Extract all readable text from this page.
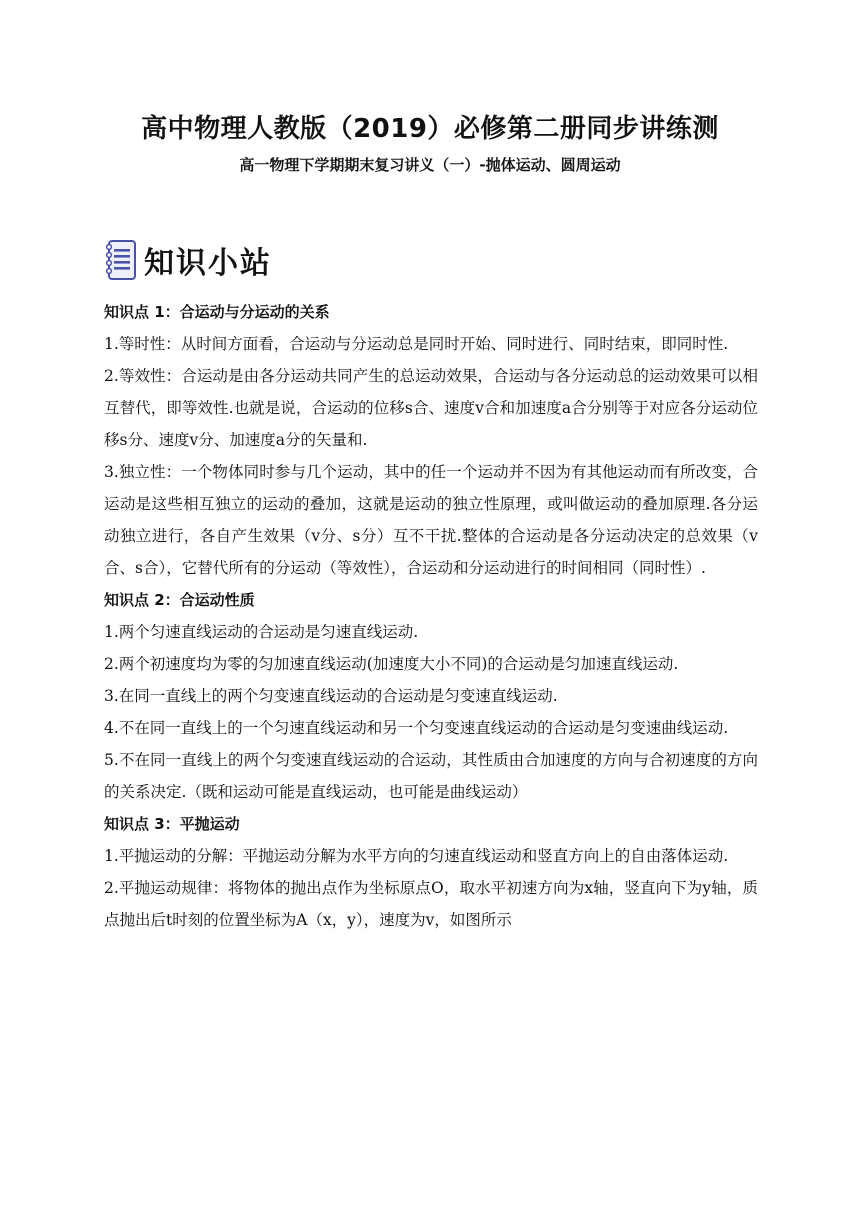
高中物理人教版（2019）必修第二册同步讲练测
高一物理下学期期末复习讲义（一）-抛体运动、圆周运动
知识小站

知识点 1：合运动与分运动的关系

1.等时性：从时间方面看，合运动与分运动总是同时开始、同时进行、同时结束，即同时性.

2.等效性：合运动是由各分运动共同产生的总运动效果，合运动与各分运动总的运动效果可以相互替代，即等效性.也就是说，合运动的位移s合、速度v合和加速度a合分别等于对应各分运动位移s分、速度v分、加速度a分的矢量和.

3.独立性：一个物体同时参与几个运动，其中的任一个运动并不因为有其他运动而有所改变，合运动是这些相互独立的运动的叠加，这就是运动的独立性原理，或叫做运动的叠加原理.各分运动独立进行，各自产生效果（v分、s分）互不干扰.整体的合运动是各分运动决定的总效果（v合、s合），它替代所有的分运动（等效性），合运动和分运动进行的时间相同（同时性）.

知识点 2：合运动性质

1.两个匀速直线运动的合运动是匀速直线运动.

2.两个初速度均为零的匀加速直线运动(加速度大小不同)的合运动是匀加速直线运动.

3.在同一直线上的两个匀变速直线运动的合运动是匀变速直线运动.

4.不在同一直线上的一个匀速直线运动和另一个匀变速直线运动的合运动是匀变速曲线运动.

5.不在同一直线上的两个匀变速直线运动的合运动，其性质由合加速度的方向与合初速度的方向的关系决定.（既和运动可能是直线运动，也可能是曲线运动）

知识点 3：平抛运动

1.平抛运动的分解：平抛运动分解为水平方向的匀速直线运动和竖直方向上的自由落体运动.

2.平抛运动规律：将物体的抛出点作为坐标原点O，取水平初速方向为x轴，竖直向下为y轴，质点抛出后t时刻的位置坐标为A（x，y），速度为v，如图所示
